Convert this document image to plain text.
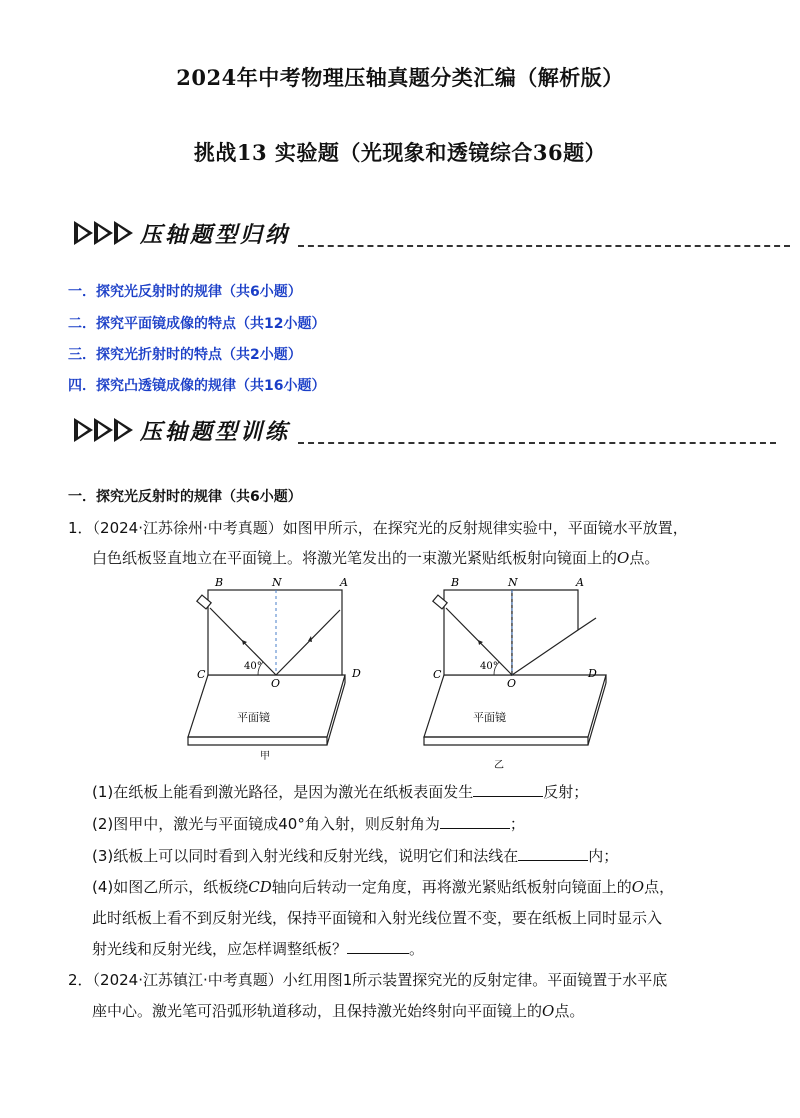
2024年中考物理压轴真题分类汇编（解析版）
挑战13 实验题（光现象和透镜综合36题）
压轴题型归纳
一．探究光反射时的规律（共6小题）
二．探究平面镜成像的特点（共12小题）
三．探究光折射时的特点（共2小题）
四．探究凸透镜成像的规律（共16小题）
压轴题型训练
一．探究光反射时的规律（共6小题）
1．（2024·江苏徐州·中考真题）如图甲所示，在探究光的反射规律实验中，平面镜水平放置，
白色纸板竖直地立在平面镜上。将激光笔发出的一束激光紧贴纸板射向镜面上的O点。
B	N	A
C	D
O
40°
平面镜
甲
B	N	A
C	D
O
40°
平面镜
乙
(1)在纸板上能看到激光路径，是因为激光在纸板表面发生	反射；
(2)图甲中，激光与平面镜成40°角入射，则反射角为	；
(3)纸板上可以同时看到入射光线和反射光线，说明它们和法线在	内；
(4)如图乙所示，纸板绕CD轴向后转动一定角度，再将激光紧贴纸板射向镜面上的O点，
此时纸板上看不到反射光线，保持平面镜和入射光线位置不变，要在纸板上同时显示入
射光线和反射光线，应怎样调整纸板？	。
2．（2024·江苏镇江·中考真题）小红用图1所示装置探究光的反射定律。平面镜置于水平底
座中心。激光笔可沿弧形轨道移动，且保持激光始终射向平面镜上的O点。
